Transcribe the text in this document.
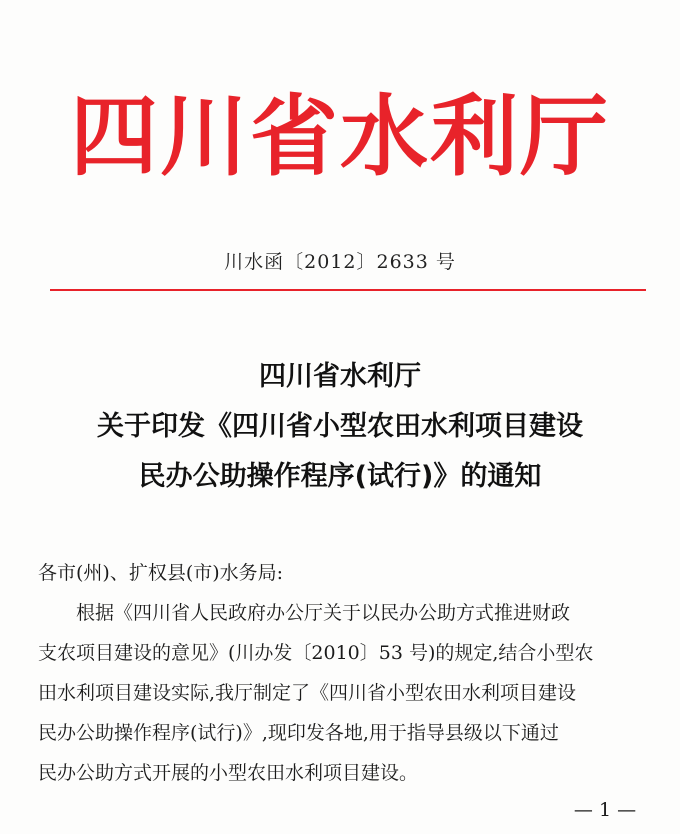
四川省水利厅
川水函〔2012〕2633 号
四川省水利厅
关于印发《四川省小型农田水利项目建设
民办公助操作程序(试行)》的通知
各市(州)、扩权县(市)水务局:
根据《四川省人民政府办公厅关于以民办公助方式推进财政
支农项目建设的意见》(川办发〔2010〕53 号)的规定,结合小型农
田水利项目建设实际,我厅制定了《四川省小型农田水利项目建设
民办公助操作程序(试行)》,现印发各地,用于指导县级以下通过
民办公助方式开展的小型农田水利项目建设。
— 1 —
